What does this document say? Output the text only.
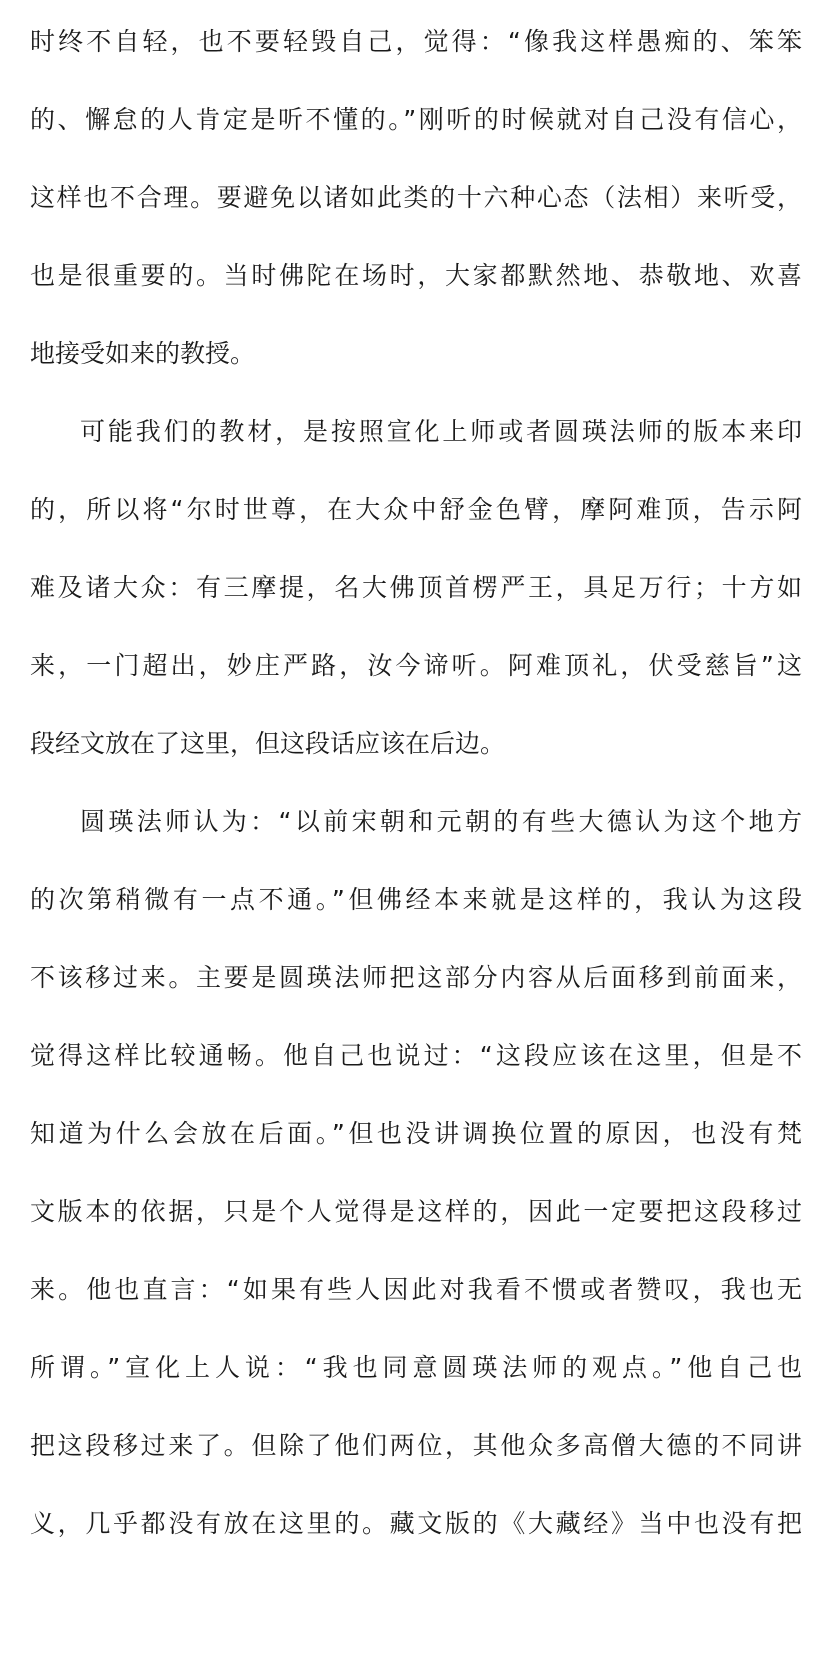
时终不自轻，也不要轻毁自己，觉得：“像我这样愚痴的、笨笨
的、懈怠的人肯定是听不懂的。”刚听的时候就对自己没有信心，
这样也不合理。要避免以诸如此类的十六种心态（法相）来听受，
也是很重要的。当时佛陀在场时，大家都默然地、恭敬地、欢喜
地接受如来的教授。
可能我们的教材，是按照宣化上师或者圆瑛法师的版本来印
的，所以将“尔时世尊，在大众中舒金色臂，摩阿难顶，告示阿
难及诸大众：有三摩提，名大佛顶首楞严王，具足万行；十方如
来，一门超出，妙庄严路，汝今谛听。阿难顶礼，伏受慈旨”这
段经文放在了这里，但这段话应该在后边。
圆瑛法师认为：“以前宋朝和元朝的有些大德认为这个地方
的次第稍微有一点不通。”但佛经本来就是这样的，我认为这段
不该移过来。主要是圆瑛法师把这部分内容从后面移到前面来，
觉得这样比较通畅。他自己也说过：“这段应该在这里，但是不
知道为什么会放在后面。”但也没讲调换位置的原因，也没有梵
文版本的依据，只是个人觉得是这样的，因此一定要把这段移过
来。他也直言：“如果有些人因此对我看不惯或者赞叹，我也无
所谓。”宣化上人说：“我也同意圆瑛法师的观点。”他自己也
把这段移过来了。但除了他们两位，其他众多高僧大德的不同讲
义，几乎都没有放在这里的。藏文版的《大藏经》当中也没有把
